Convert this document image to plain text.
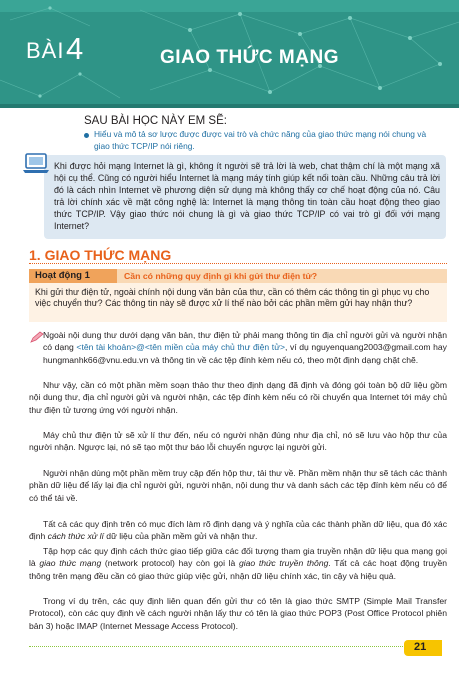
BÀI 4	GIAO THỨC MẠNG
SAU BÀI HỌC NÀY EM SẼ:
Hiểu và mô tả sơ lược được được vai trò và chức năng của giao thức mạng nói chung và giao thức TCP/IP nói riêng.
Khi được hỏi mạng Internet là gì, không ít người sẽ trả lời là web, chat thậm chí là một mạng xã hội cụ thể. Cũng có người hiểu Internet là mạng máy tính giúp kết nối toàn cầu. Những câu trả lời đó là cách nhìn Internet về phương diện sử dụng mà không thấy cơ chế hoạt động của nó. Câu trả lời chính xác về mặt công nghệ là: Internet là mạng thông tin toàn cầu hoạt động theo giao thức TCP/IP. Vậy giao thức nói chung là gì và giao thức TCP/IP có vai trò gì đối với mạng Internet?
1. GIAO THỨC MẠNG
Hoạt động 1	Cần có những quy định gì khi gửi thư điện tử?
Khi gửi thư điện tử, ngoài chính nội dung văn bản của thư, cần có thêm các thông tin gì phục vụ cho việc chuyển thư? Các thông tin này sẽ được xử lí thế nào bởi các phần mềm gửi hay nhận thư?
Ngoài nội dung thư dưới dạng văn bản, thư điện tử phải mang thông tin địa chỉ người gửi và người nhận có dạng <tên tài khoản>@<tên miền của máy chủ thư điện tử>, ví dụ nguyenquang2003@gmail.com hay hungmanhk66@vnu.edu.vn và thông tin về các tệp đính kèm nếu có, theo một định dạng chặt chẽ.
Như vậy, cần có một phần mềm soạn thảo thư theo định dạng đã định và đóng gói toàn bộ dữ liệu gồm nội dung thư, địa chỉ người gửi và người nhận, các tệp đính kèm nếu có rồi chuyển qua Internet tới máy chủ thư điện tử tương ứng với người nhận.
Máy chủ thư điện tử sẽ xử lí thư đến, nếu có người nhận đúng như địa chỉ, nó sẽ lưu vào hộp thư của người nhận. Ngược lại, nó sẽ tạo một thư báo lỗi chuyển ngược lại người gửi.
Người nhận dùng một phần mềm truy cập đến hộp thư, tải thư về. Phần mềm nhận thư sẽ tách các thành phần dữ liệu để lấy lại địa chỉ người gửi, người nhận, nội dung thư và danh sách các tệp đính kèm nếu có để có thể tải về.
Tất cả các quy định trên có mục đích làm rõ định dạng và ý nghĩa của các thành phần dữ liệu, qua đó xác định cách thức xử lí dữ liệu của phần mềm gửi và nhận thư.
Tập hợp các quy định cách thức giao tiếp giữa các đối tượng tham gia truyền nhận dữ liệu qua mạng gọi là giao thức mạng (network protocol) hay còn gọi là giao thức truyền thông. Tất cả các hoạt động truyền thông trên mạng đều cần có giao thức giúp việc gửi, nhận dữ liệu chính xác, tin cậy và hiệu quả.
Trong ví dụ trên, các quy định liên quan đến gửi thư có tên là giao thức SMTP (Simple Mail Transfer Protocol), còn các quy định về cách người nhận lấy thư có tên là giao thức POP3 (Post Office Protocol phiên bản 3) hoặc IMAP (Internet Message Access Protocol).
21
